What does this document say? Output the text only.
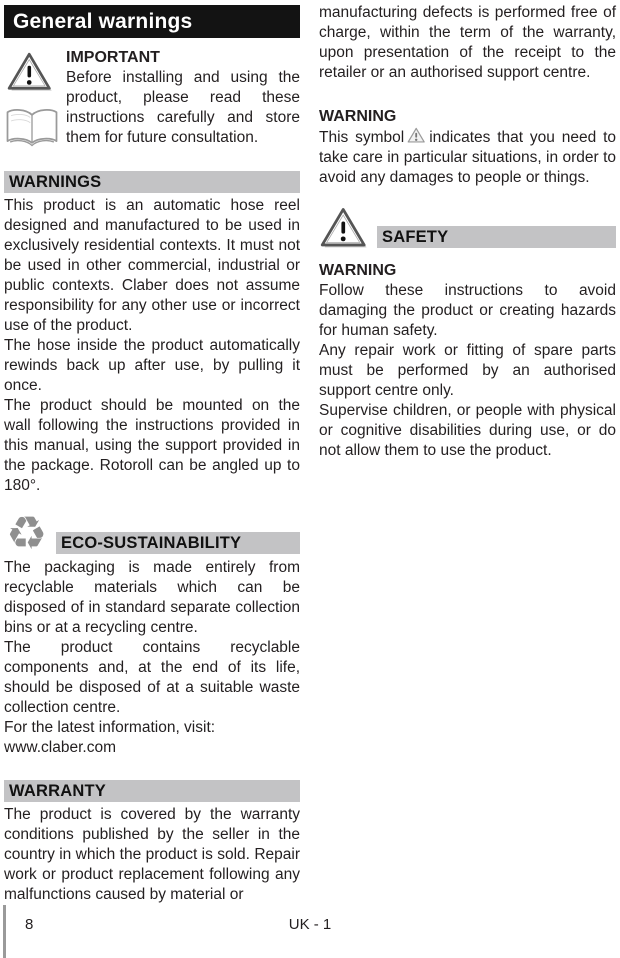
General warnings

IMPORTANT

Before installing and using the product, please read these instructions carefully and store them for future consultation.

WARNINGS

This product is an automatic hose reel designed and manufactured to be used in exclusively residential contexts. It must not be used in other commercial, industrial or public contexts. Claber does not assume responsibility for any other use or incorrect use of the product.

The hose inside the product automatically rewinds back up after use, by pulling it once.

The product should be mounted on the wall following the instructions provided in this manual, using the support provided in the package. Rotoroll can be angled up to 180°.

♻ ECO-SUSTAINABILITY

The packaging is made entirely from recyclable materials which can be disposed of in standard separate collection bins or at a recycling centre.

The product contains recyclable components and, at the end of its life, should be disposed of at a suitable waste collection centre.

For the latest information, visit:

www.claber.com

WARRANTY

The product is covered by the warranty conditions published by the seller in the country in which the product is sold. Repair work or product replacement following any malfunctions caused by material or

manufacturing defects is performed free of charge, within the term of the warranty, upon presentation of the receipt to the retailer or an authorised support centre.

WARNING

This symbol indicates that you need to take care in particular situations, in order to avoid any damages to people or things.

SAFETY

WARNING

Follow these instructions to avoid damaging the product or creating hazards for human safety.

Any repair work or fitting of spare parts must be performed by an authorised support centre only.

Supervise children, or people with physical or cognitive disabilities during use, or do not allow them to use the product.

8	UK - 1
